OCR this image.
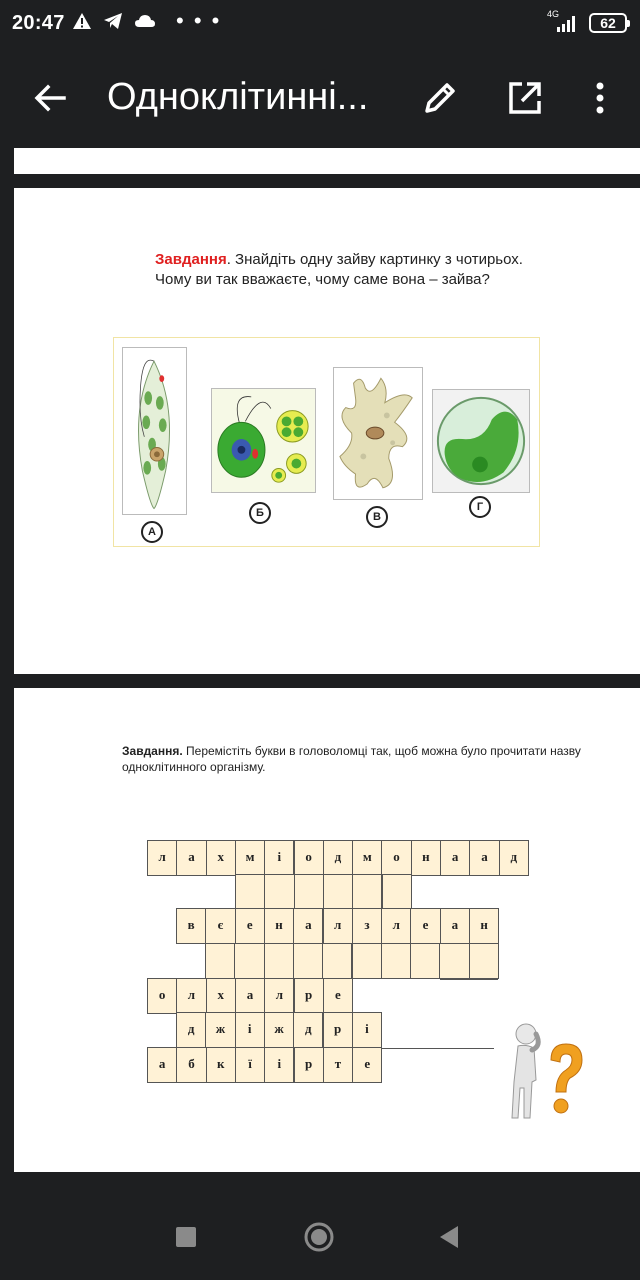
20:47
	• • •	4G
62
Одноклітинні...
Завдання. Знайдіть одну зайву картинку з чотирьох.
Чому ви так вважаєте, чому саме вона – зайва?
А
Б	В
Г
Завдання. Перемістіть букви в головоломці так, щоб можна було прочитати назву одноклітинного організму.
л	а	х	м	і	о	д	м	о	н	а	а	д
в	є	е	н	а	л	з	л	е	а	н
о	л	х	а	л	р	е
д	ж	і	ж	д	р	і
а	б	к	ї	і	р	т	е
